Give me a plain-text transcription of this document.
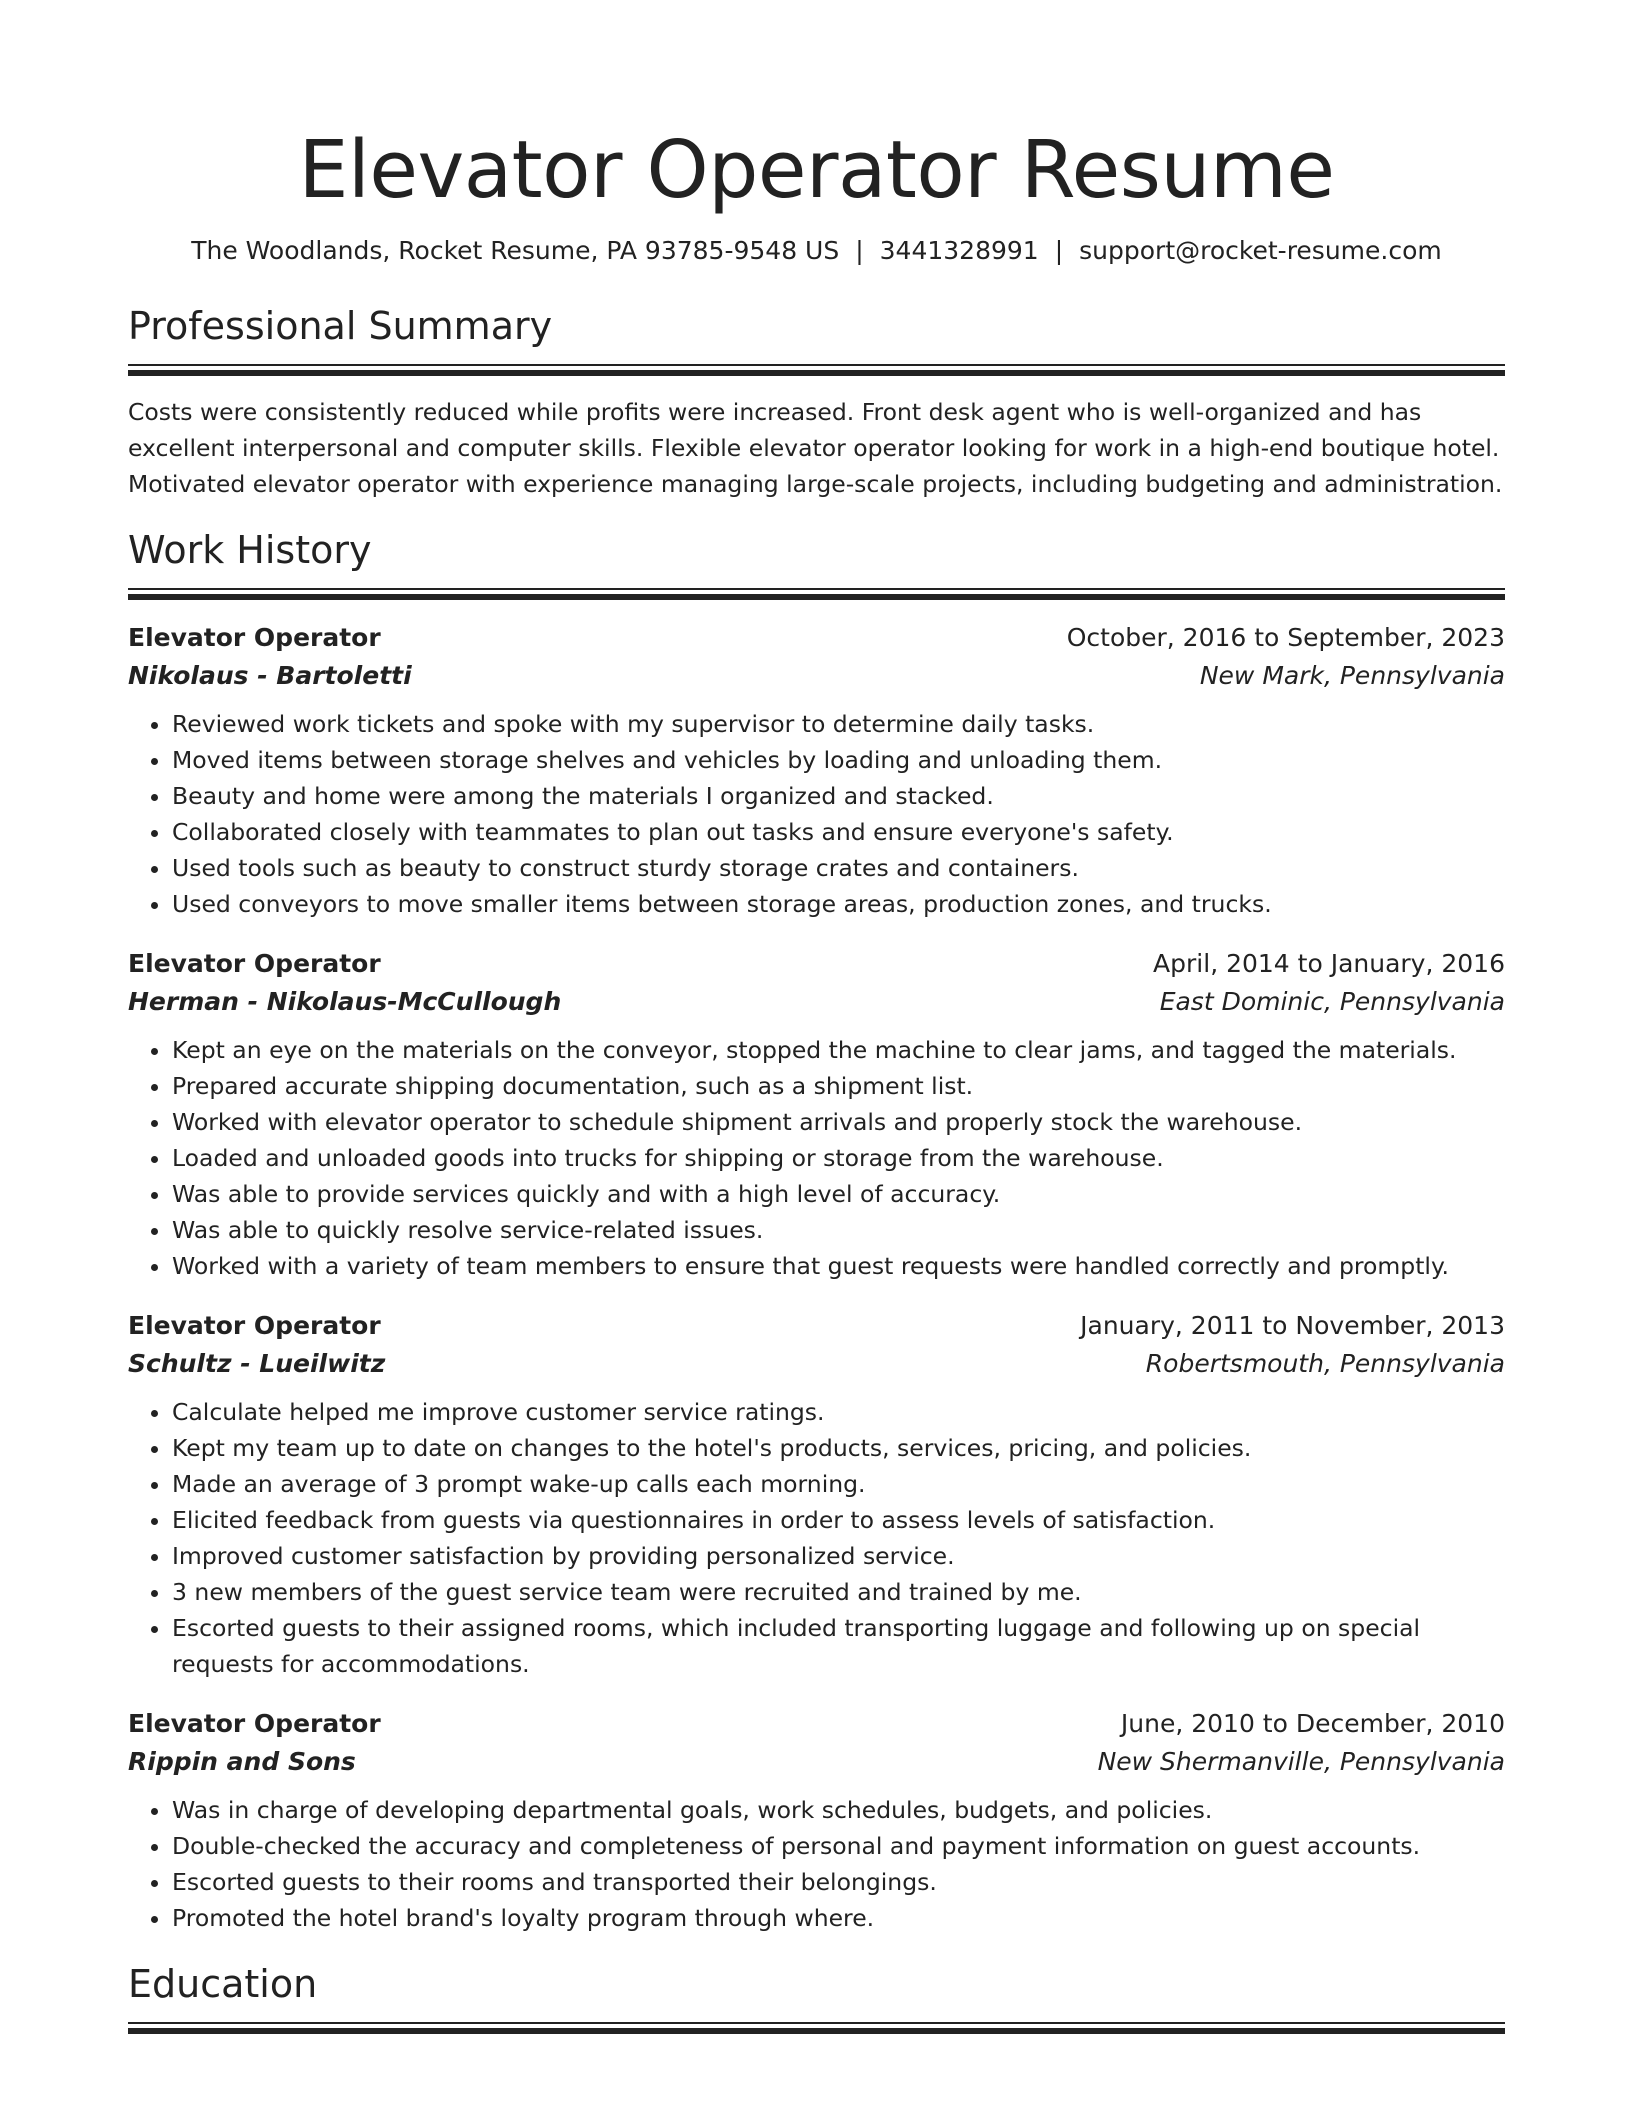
Elevator Operator Resume
The Woodlands, Rocket Resume, PA 93785-9548 US | 3441328991 | support@rocket-resume.com
Professional Summary

Costs were consistently reduced while profits were increased. Front desk agent who is well-organized and has excellent interpersonal and computer skills. Flexible elevator operator looking for work in a high-end boutique hotel. Motivated elevator operator with experience managing large-scale projects, including budgeting and administration.

Work History
Elevator Operator	October, 2016 to September, 2023
Nikolaus - Bartoletti	New Mark, Pennsylvania
• Reviewed work tickets and spoke with my supervisor to determine daily tasks.
• Moved items between storage shelves and vehicles by loading and unloading them.
• Beauty and home were among the materials I organized and stacked.
• Collaborated closely with teammates to plan out tasks and ensure everyone's safety.
• Used tools such as beauty to construct sturdy storage crates and containers.
• Used conveyors to move smaller items between storage areas, production zones, and trucks.
Elevator Operator	April, 2014 to January, 2016
Herman - Nikolaus-McCullough	East Dominic, Pennsylvania
• Kept an eye on the materials on the conveyor, stopped the machine to clear jams, and tagged the materials.
• Prepared accurate shipping documentation, such as a shipment list.
• Worked with elevator operator to schedule shipment arrivals and properly stock the warehouse.
• Loaded and unloaded goods into trucks for shipping or storage from the warehouse.
• Was able to provide services quickly and with a high level of accuracy.
• Was able to quickly resolve service-related issues.
• Worked with a variety of team members to ensure that guest requests were handled correctly and promptly.
Elevator Operator	January, 2011 to November, 2013
Schultz - Lueilwitz	Robertsmouth, Pennsylvania
• Calculate helped me improve customer service ratings.
• Kept my team up to date on changes to the hotel's products, services, pricing, and policies.
• Made an average of 3 prompt wake-up calls each morning.
• Elicited feedback from guests via questionnaires in order to assess levels of satisfaction.
• Improved customer satisfaction by providing personalized service.
• 3 new members of the guest service team were recruited and trained by me.
• Escorted guests to their assigned rooms, which included transporting luggage and following up on special requests for accommodations.
Elevator Operator	June, 2010 to December, 2010
Rippin and Sons	New Shermanville, Pennsylvania
• Was in charge of developing departmental goals, work schedules, budgets, and policies.
• Double-checked the accuracy and completeness of personal and payment information on guest accounts.
• Escorted guests to their rooms and transported their belongings.
• Promoted the hotel brand's loyalty program through where.
Education
